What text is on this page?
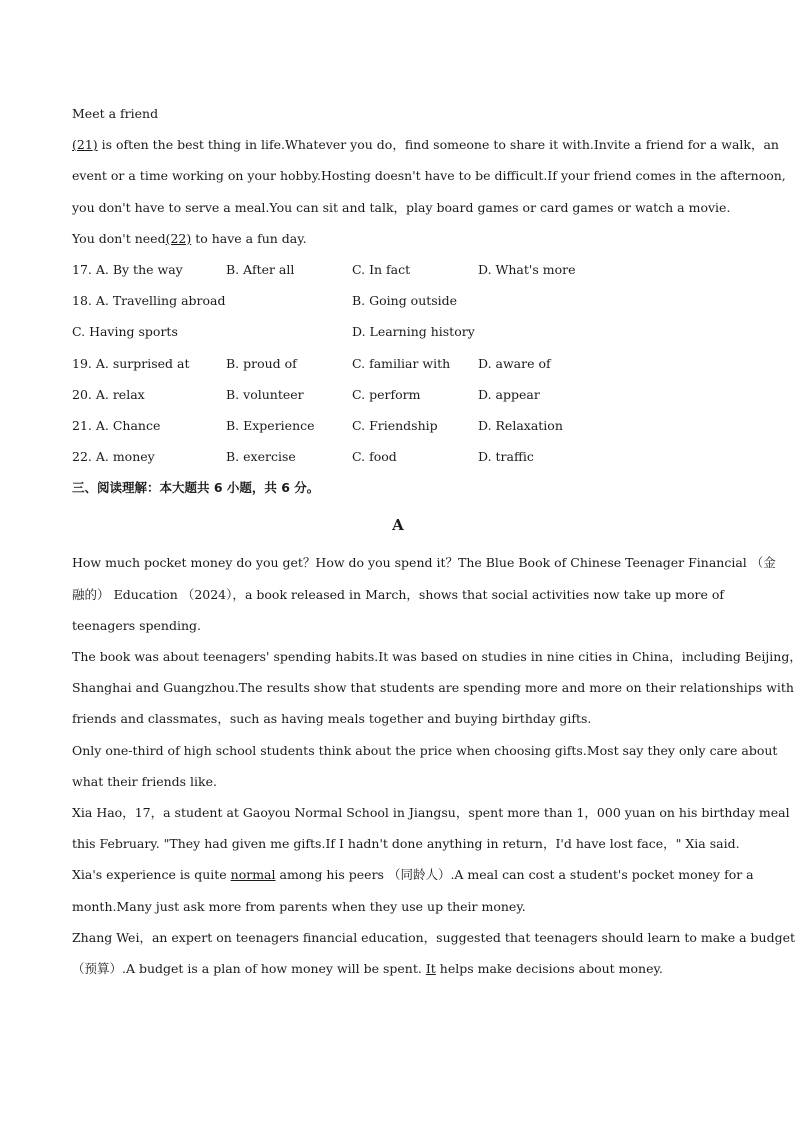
Meet a friend
(21) is often the best thing in life.Whatever you do，find someone to share it with.Invite a friend for a walk，an
event or a time working on your hobby.Hosting doesn't have to be difficult.If your friend comes in the afternoon,
you don't have to serve a meal.You can sit and talk，play board games or card games or watch a movie.
You don't need(22) to have a fun day.
17. A. By the way	B. After all	C. In fact	D. What's more
18. A. Travelling abroad	B. Going outside
C. Having sports	D. Learning history
19. A. surprised at	B. proud of	C. familiar with D. aware of
20. A. relax	B. volunteer	C. perform	D. appear
21. A. Chance	B. Experience	C. Friendship	D. Relaxation
22. A. money	B. exercise	C. food	D. traffic
三、阅读理解：本大题共 6 小题，共 6 分。
A
How much pocket money do you get？How do you spend it？The Blue Book of Chinese Teenager Financial （金
融的） Education （2024），a book released in March，shows that social activities now take up more of
teenagers spending.
The book was about teenagers' spending habits.It was based on studies in nine cities in China，including Beijing，
Shanghai and Guangzhou.The results show that students are spending more and more on their relationships with
friends and classmates，such as having meals together and buying birthday gifts.
Only one-third of high school students think about the price when choosing gifts.Most say they only care about
what their friends like.
Xia Hao，17，a student at Gaoyou Normal School in Jiangsu，spent more than 1，000 yuan on his birthday meal
this February. "They had given me gifts.If I hadn't done anything in return，I'd have lost face，" Xia said.
Xia's experience is quite normal among his peers （同龄人）.A meal can cost a student's pocket money for a
month.Many just ask more from parents when they use up their money.
Zhang Wei，an expert on teenagers financial education，suggested that teenagers should learn to make a budget
（预算）.A budget is a plan of how money will be spent. It helps make decisions about money.
